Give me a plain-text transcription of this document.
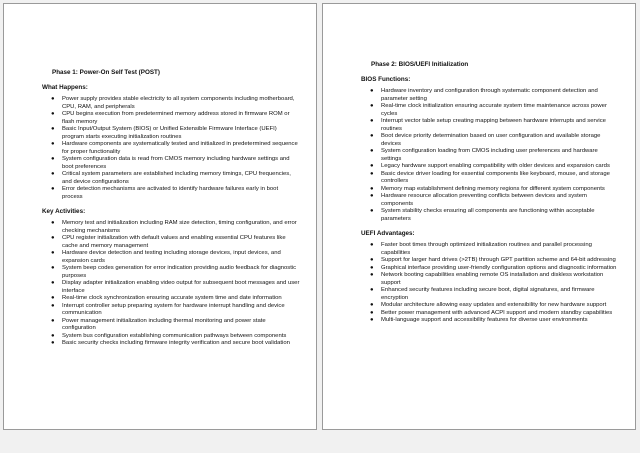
Phase 1: Power-On Self Test (POST)
What Happens:
● Power supply provides stable electricity to all system components including motherboard, CPU, RAM, and peripherals
● CPU begins execution from predetermined memory address stored in firmware ROM or flash memory
● Basic Input/Output System (BIOS) or Unified Extensible Firmware Interface (UEFI) program starts executing initialization routines
● Hardware components are systematically tested and initialized in predetermined sequence for proper functionality
● System configuration data is read from CMOS memory including hardware settings and boot preferences
● Critical system parameters are established including memory timings, CPU frequencies, and device configurations
● Error detection mechanisms are activated to identify hardware failures early in boot process
Key Activities:
● Memory test and initialization including RAM size detection, timing configuration, and error checking mechanisms
● CPU register initialization with default values and enabling essential CPU features like cache and memory management
● Hardware device detection and testing including storage devices, input devices, and expansion cards
● System beep codes generation for error indication providing audio feedback for diagnostic purposes
● Display adapter initialization enabling video output for subsequent boot messages and user interface
● Real-time clock synchronization ensuring accurate system time and date information
● Interrupt controller setup preparing system for hardware interrupt handling and device communication
● Power management initialization including thermal monitoring and power state configuration
● System bus configuration establishing communication pathways between components
● Basic security checks including firmware integrity verification and secure boot validation
Phase 2: BIOS/UEFI Initialization
BIOS Functions:
● Hardware inventory and configuration through systematic component detection and parameter setting
● Real-time clock initialization ensuring accurate system time maintenance across power cycles
● Interrupt vector table setup creating mapping between hardware interrupts and service routines
● Boot device priority determination based on user configuration and available storage devices
● System configuration loading from CMOS including user preferences and hardware settings
● Legacy hardware support enabling compatibility with older devices and expansion cards
● Basic device driver loading for essential components like keyboard, mouse, and storage controllers
● Memory map establishment defining memory regions for different system components
● Hardware resource allocation preventing conflicts between devices and system components
● System stability checks ensuring all components are functioning within acceptable parameters
UEFI Advantages:
● Faster boot times through optimized initialization routines and parallel processing capabilities
● Support for larger hard drives (>2TB) through GPT partition scheme and 64-bit addressing
● Graphical interface providing user-friendly configuration options and diagnostic information
● Network booting capabilities enabling remote OS installation and diskless workstation support
● Enhanced security features including secure boot, digital signatures, and firmware encryption
● Modular architecture allowing easy updates and extensibility for new hardware support
● Better power management with advanced ACPI support and modern standby capabilities
● Multi-language support and accessibility features for diverse user environments
